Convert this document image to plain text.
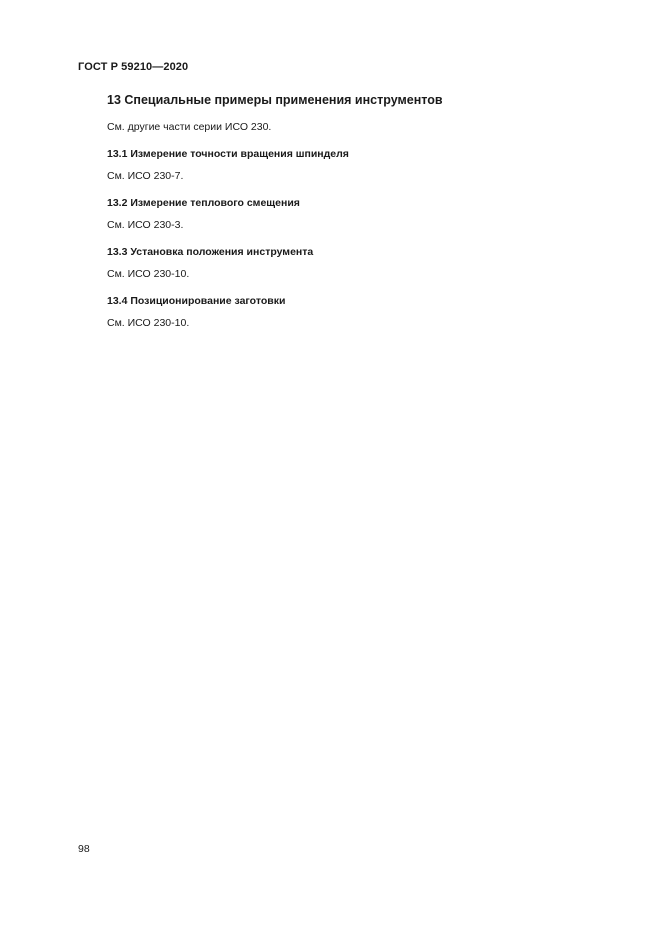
ГОСТ Р 59210—2020
13 Специальные примеры применения инструментов
См. другие части серии ИСО 230.
13.1 Измерение точности вращения шпинделя
См. ИСО 230-7.
13.2 Измерение теплового смещения
См. ИСО 230-3.
13.3 Установка положения инструмента
См. ИСО 230-10.
13.4 Позиционирование заготовки
См. ИСО 230-10.
98
